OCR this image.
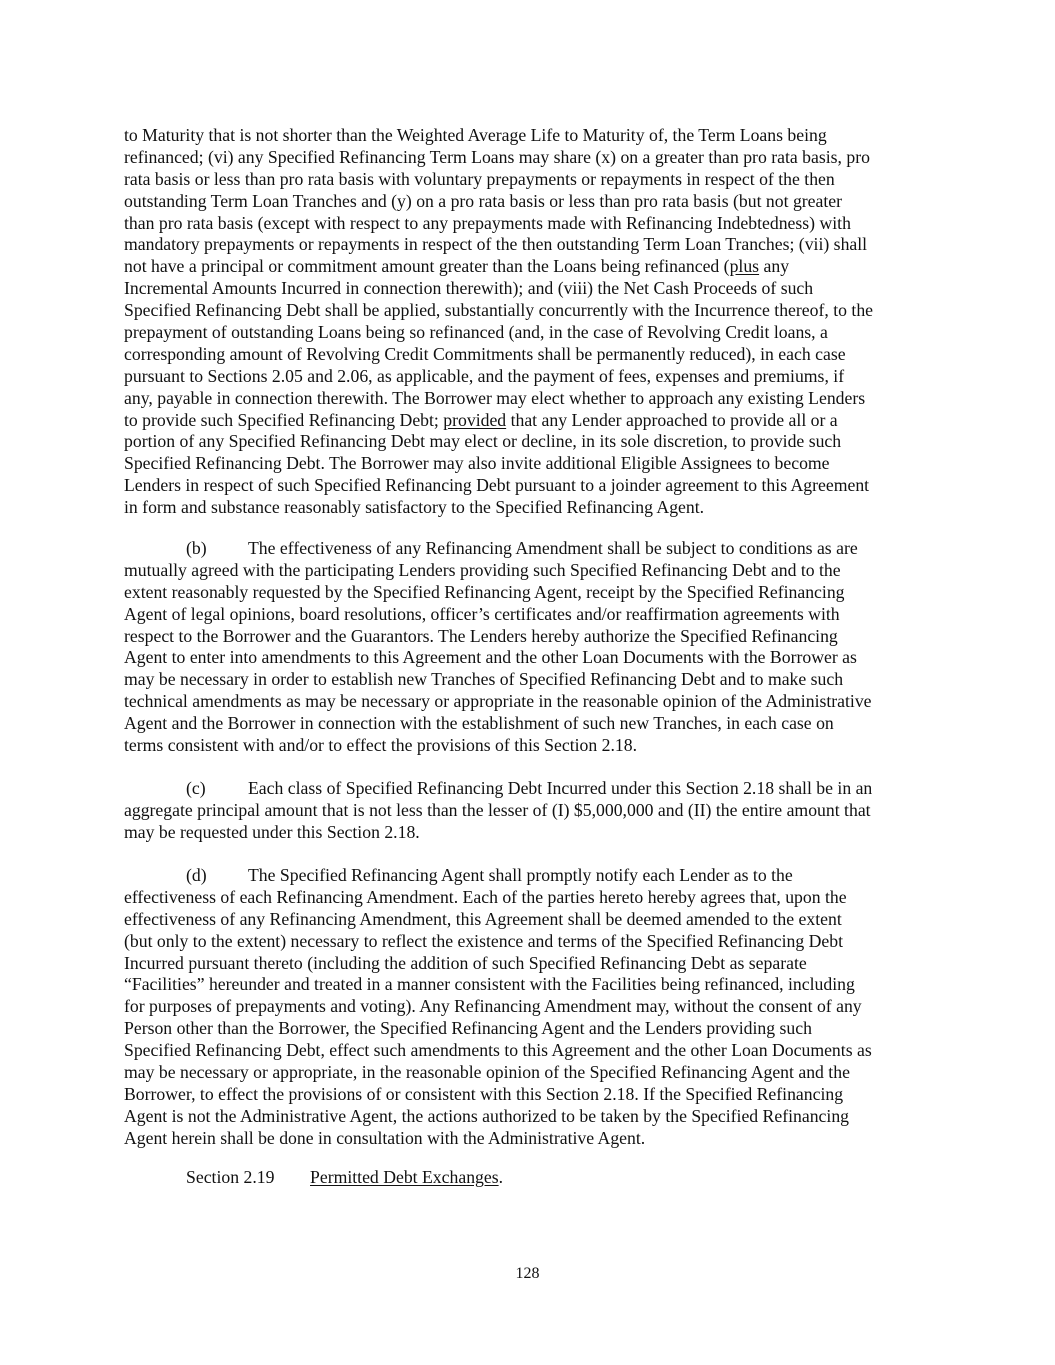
to Maturity that is not shorter than the Weighted Average Life to Maturity of, the Term Loans being
refinanced; (vi) any Specified Refinancing Term Loans may share (x) on a greater than pro rata basis, pro
rata basis or less than pro rata basis with voluntary prepayments or repayments in respect of the then
outstanding Term Loan Tranches and (y) on a pro rata basis or less than pro rata basis (but not greater
than pro rata basis (except with respect to any prepayments made with Refinancing Indebtedness) with
mandatory prepayments or repayments in respect of the then outstanding Term Loan Tranches; (vii) shall
not have a principal or commitment amount greater than the Loans being refinanced (plus any
Incremental Amounts Incurred in connection therewith); and (viii) the Net Cash Proceeds of such
Specified Refinancing Debt shall be applied, substantially concurrently with the Incurrence thereof, to the
prepayment of outstanding Loans being so refinanced (and, in the case of Revolving Credit loans, a
corresponding amount of Revolving Credit Commitments shall be permanently reduced), in each case
pursuant to Sections 2.05 and 2.06, as applicable, and the payment of fees, expenses and premiums, if
any, payable in connection therewith. The Borrower may elect whether to approach any existing Lenders
to provide such Specified Refinancing Debt; provided that any Lender approached to provide all or a
portion of any Specified Refinancing Debt may elect or decline, in its sole discretion, to provide such
Specified Refinancing Debt. The Borrower may also invite additional Eligible Assignees to become
Lenders in respect of such Specified Refinancing Debt pursuant to a joinder agreement to this Agreement
in form and substance reasonably satisfactory to the Specified Refinancing Agent.

(b) The effectiveness of any Refinancing Amendment shall be subject to conditions as are
mutually agreed with the participating Lenders providing such Specified Refinancing Debt and to the
extent reasonably requested by the Specified Refinancing Agent, receipt by the Specified Refinancing
Agent of legal opinions, board resolutions, officer’s certificates and/or reaffirmation agreements with
respect to the Borrower and the Guarantors. The Lenders hereby authorize the Specified Refinancing
Agent to enter into amendments to this Agreement and the other Loan Documents with the Borrower as
may be necessary in order to establish new Tranches of Specified Refinancing Debt and to make such
technical amendments as may be necessary or appropriate in the reasonable opinion of the Administrative
Agent and the Borrower in connection with the establishment of such new Tranches, in each case on
terms consistent with and/or to effect the provisions of this Section 2.18.

(c) Each class of Specified Refinancing Debt Incurred under this Section 2.18 shall be in an
aggregate principal amount that is not less than the lesser of (I) $5,000,000 and (II) the entire amount that
may be requested under this Section 2.18.

(d) The Specified Refinancing Agent shall promptly notify each Lender as to the
effectiveness of each Refinancing Amendment. Each of the parties hereto hereby agrees that, upon the
effectiveness of any Refinancing Amendment, this Agreement shall be deemed amended to the extent
(but only to the extent) necessary to reflect the existence and terms of the Specified Refinancing Debt
Incurred pursuant thereto (including the addition of such Specified Refinancing Debt as separate
“Facilities” hereunder and treated in a manner consistent with the Facilities being refinanced, including
for purposes of prepayments and voting). Any Refinancing Amendment may, without the consent of any
Person other than the Borrower, the Specified Refinancing Agent and the Lenders providing such
Specified Refinancing Debt, effect such amendments to this Agreement and the other Loan Documents as
may be necessary or appropriate, in the reasonable opinion of the Specified Refinancing Agent and the
Borrower, to effect the provisions of or consistent with this Section 2.18. If the Specified Refinancing
Agent is not the Administrative Agent, the actions authorized to be taken by the Specified Refinancing
Agent herein shall be done in consultation with the Administrative Agent.

Section 2.19 Permitted Debt Exchanges.

128
